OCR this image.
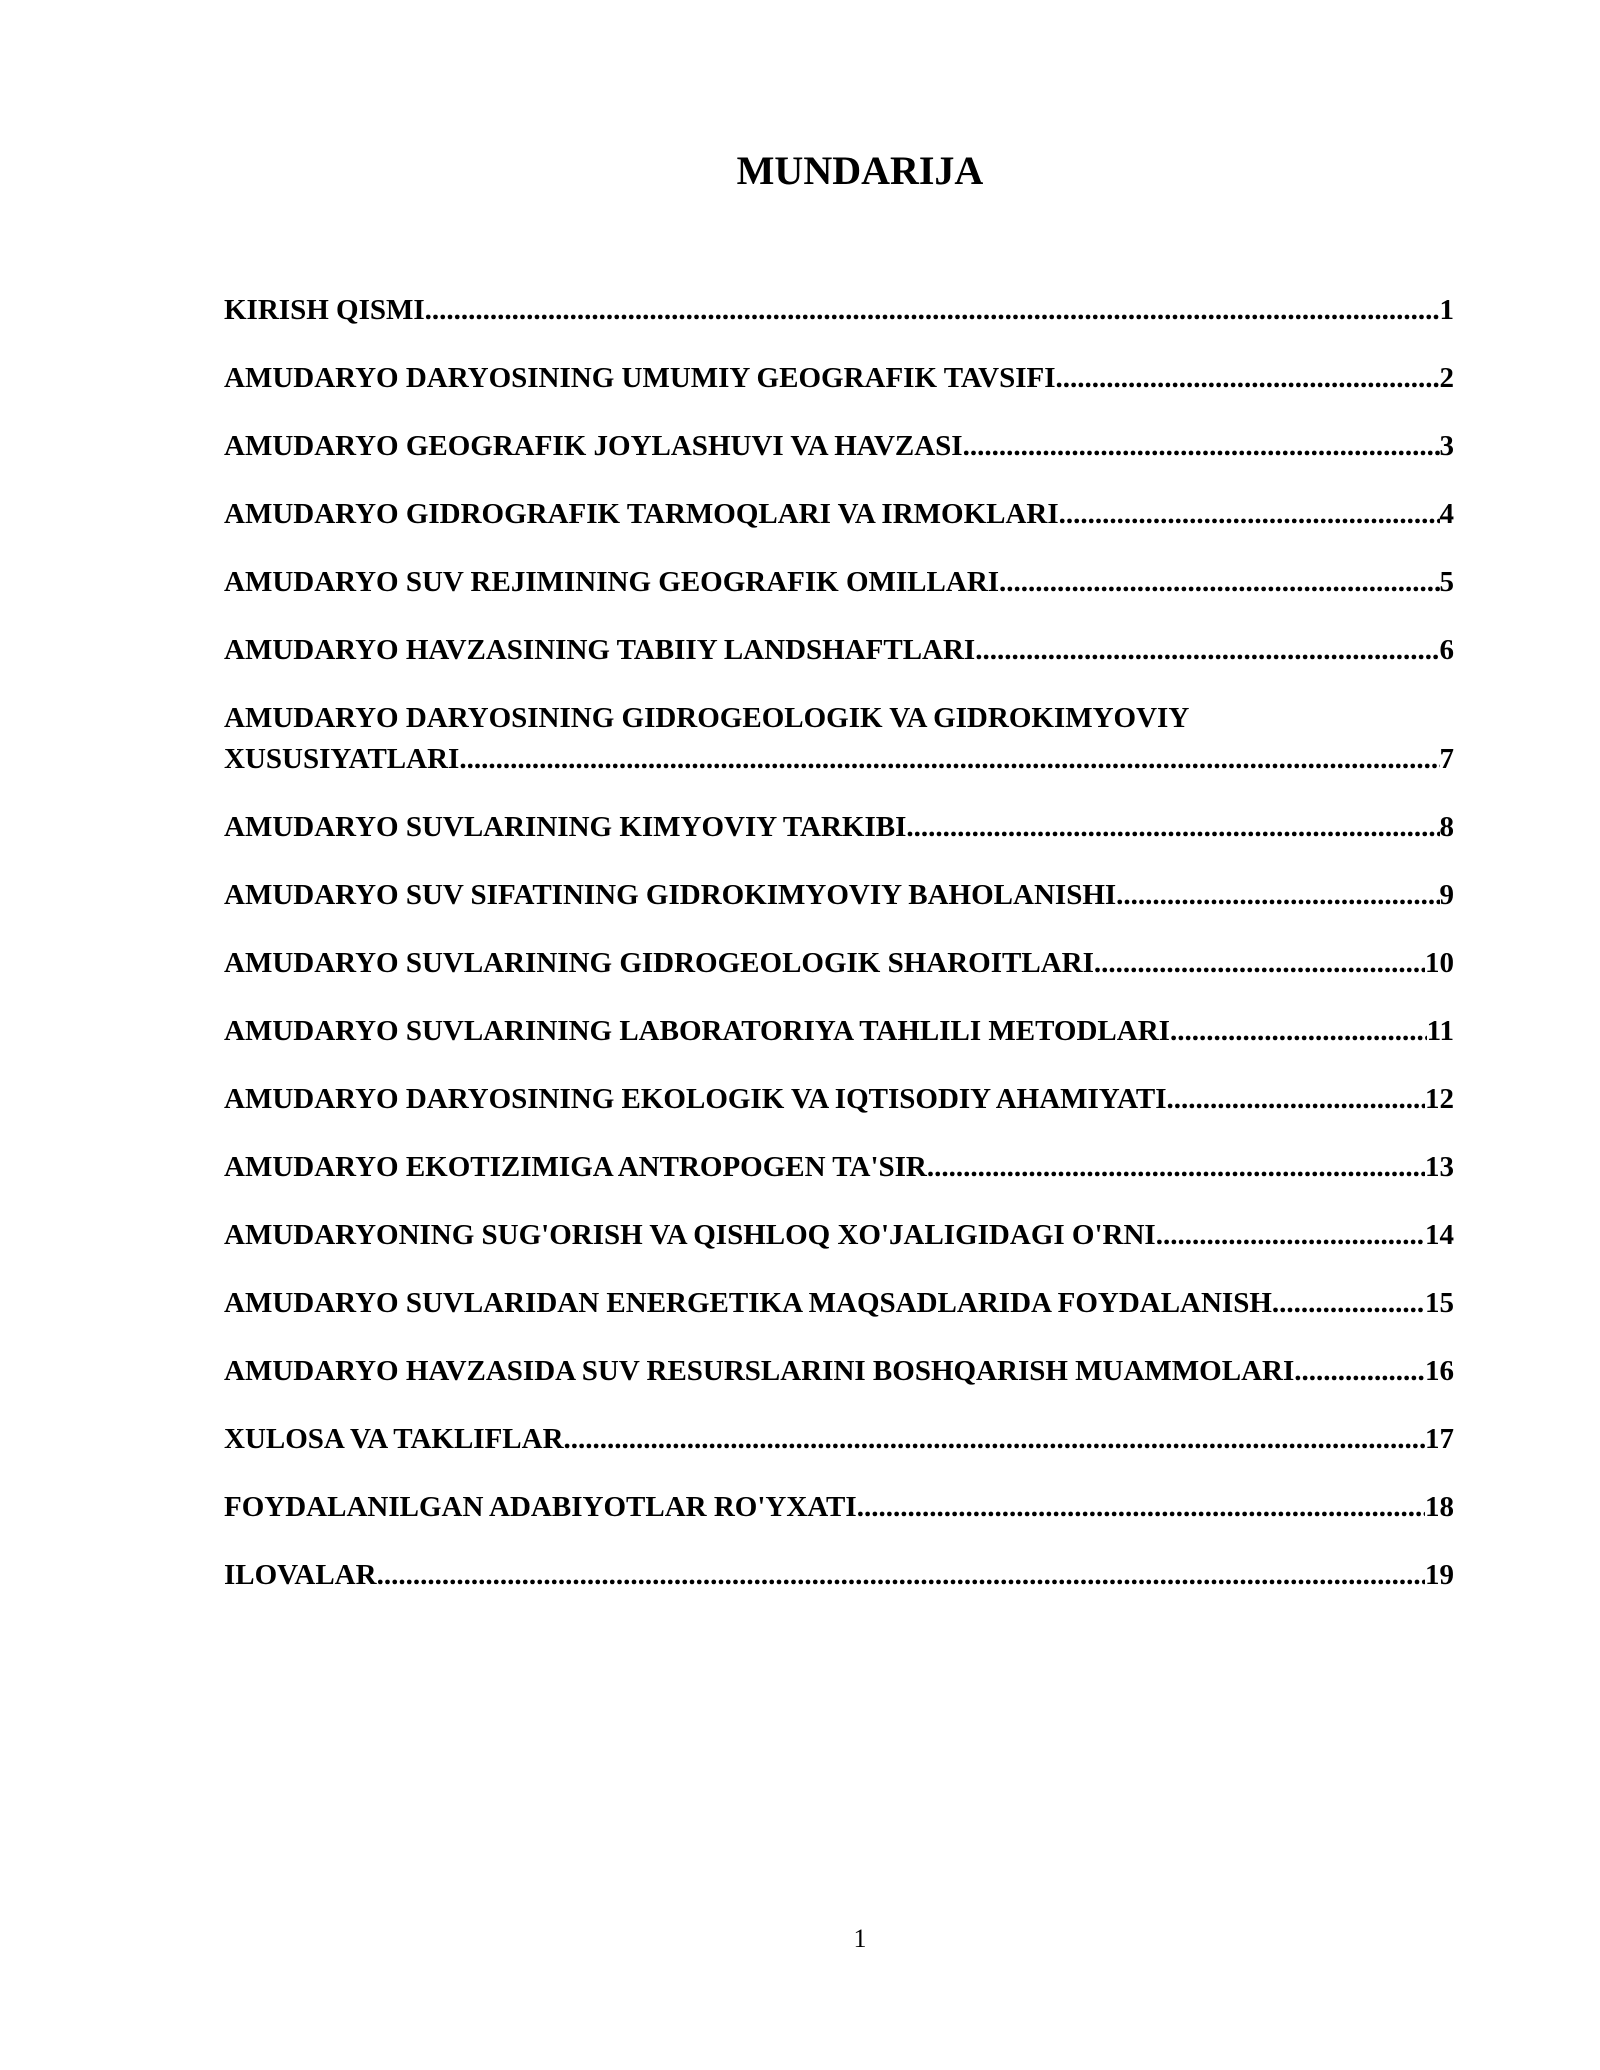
MUNDARIJA
KIRISH QISMI .....	1
AMUDARYO DARYOSINING UMUMIY GEOGRAFIK TAVSIFI .....	2
AMUDARYO GEOGRAFIK JOYLASHUVI VA HAVZASI .....	3
AMUDARYO GIDROGRAFIK TARMOQLARI VA IRMOKLARI .....	4
AMUDARYO SUV REJIMINING GEOGRAFIK OMILLARI .....	5
AMUDARYO HAVZASINING TABIIY LANDSHAFTLARI .....	6
AMUDARYO DARYOSINING GIDROGEOLOGIK VA GIDROKIMYOVIY
XUSUSIYATLARI .....	7
AMUDARYO SUVLARINING KIMYOVIY TARKIBI .....	8
AMUDARYO SUV SIFATINING GIDROKIMYOVIY BAHOLANISHI .....	9
AMUDARYO SUVLARINING GIDROGEOLOGIK SHAROITLARI .....	10
AMUDARYO SUVLARINING LABORATORIYA TAHLILI METODLARI .....	11
AMUDARYO DARYOSINING EKOLOGIK VA IQTISODIY AHAMIYATI .....	12
AMUDARYO EKOTIZIMIGA ANTROPOGEN TA'SIR .....	13
AMUDARYONING SUG'ORISH VA QISHLOQ XO'JALIGIDAGI O'RNI .....	14
AMUDARYO SUVLARIDAN ENERGETIKA MAQSADLARIDA FOYDALANISH .....	15
AMUDARYO HAVZASIDA SUV RESURSLARINI BOSHQARISH MUAMMOLARI .....	16
XULOSA VA TAKLIFLAR .....	17
FOYDALANILGAN ADABIYOTLAR RO'YXATI .....	18
ILOVALAR .....	19
1
